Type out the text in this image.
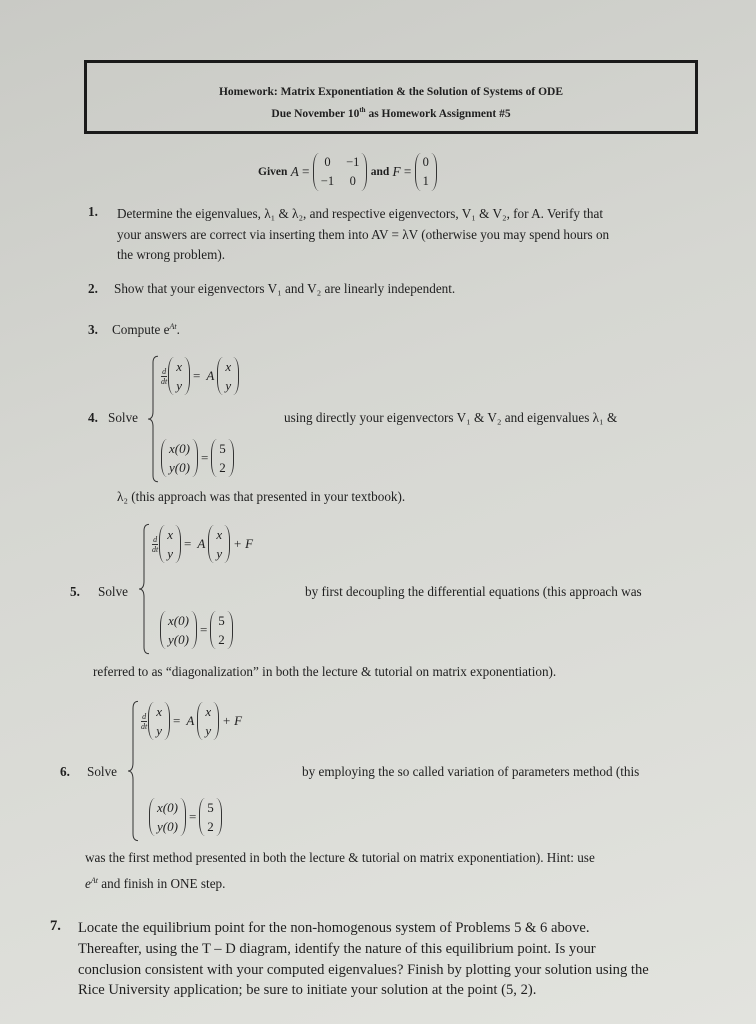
Homework: Matrix Exponentiation & the Solution of Systems of ODE
Due November 10th as Homework Assignment #5
Given
A =
0 −1
−1 0

and
F =
0
1
1. Determine the eigenvalues, λ₁ & λ₂, and respective eigenvectors, V₁ & V₂, for A. Verify that
your answers are correct via inserting them into AV = λV (otherwise you may spend hours on
the wrong problem).
2. Show that your eigenvectors V₁ and V₂ are linearly independent.
3. Compute $e^{At}$.
4. Solve
$\frac{d}{dt}$ x
y
= A
x
y
x(0)
y(0)
=
5
2
using directly your eigenvectors V₁ & V₂ and eigenvalues λ₁ &
λ₂ (this approach was that presented in your textbook).
5. Solve
$\frac{d}{dt}$ x
y
= A
x
y
+ F
x(0)
y(0)
=
5
2
by first decoupling the differential equations (this approach was
referred to as “diagonalization” in both the lecture & tutorial on matrix exponentiation).
6. Solve
$\frac{d}{dt}$ x
y
= A
x
y
+ F
x(0)
y(0)
=
5
2
by employing the so called variation of parameters method (this
was the first method presented in both the lecture & tutorial on matrix exponentiation). Hint: use
$e^{At}$ and finish in ONE step.
7. Locate the equilibrium point for the non-homogenous system of Problems 5 & 6 above.
Thereafter, using the T – D diagram, identify the nature of this equilibrium point. Is your
conclusion consistent with your computed eigenvalues? Finish by plotting your solution using the
Rice University application; be sure to initiate your solution at the point (5, 2).
